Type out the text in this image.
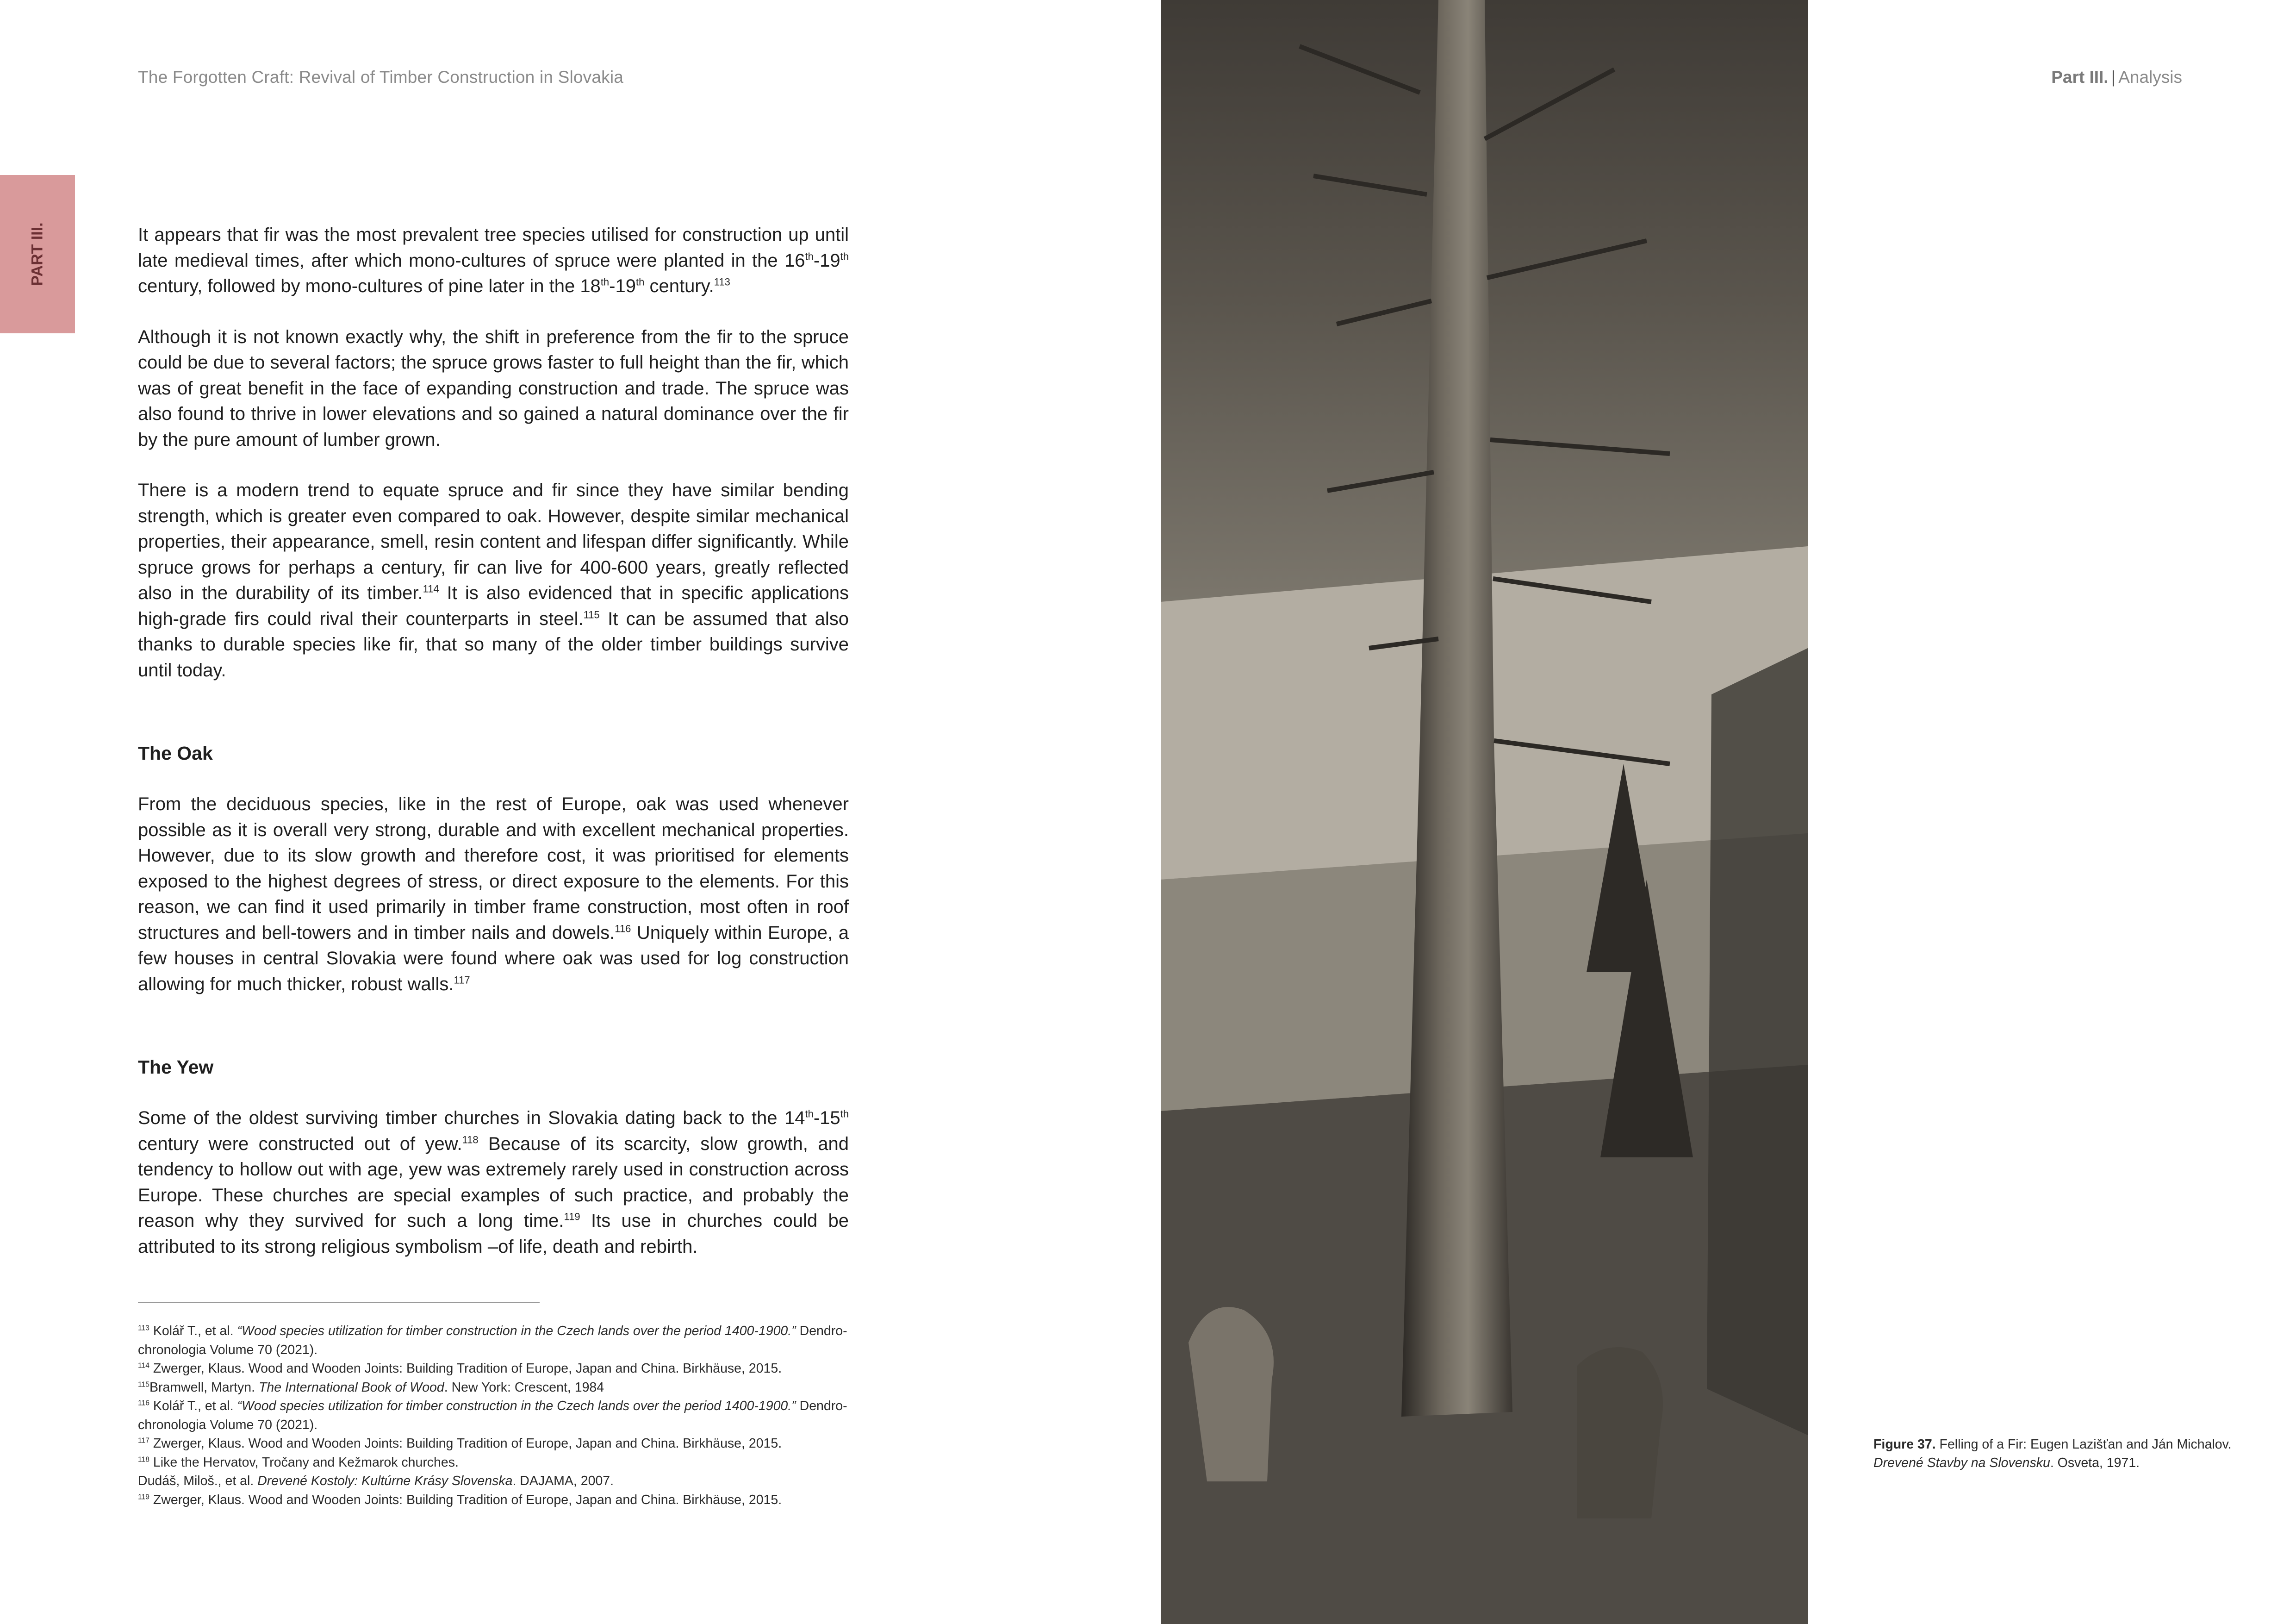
The Forgotten Craft: Revival of Timber Construction in Slovakia	Part III. | Analysis
PART III.	It appears that fir was the most prevalent tree species utilised for construction up until late medieval times, after which mono-cultures of spruce were planted in the 16th-19th century, followed by mono-cultures of pine later in the 18th-19th century.$^{113}$

Although it is not known exactly why, the shift in preference from the fir to the spruce could be due to several factors; the spruce grows faster to full height than the fir, which was of great benefit in the face of expanding construction and trade. The spruce was also found to thrive in lower elevations and so gained a natural dominance over the fir by the pure amount of lumber grown.

There is a modern trend to equate spruce and fir since they have similar bending strength, which is greater even compared to oak. However, despite similar mechanical properties, their appearance, smell, resin content and lifespan differ significantly. While spruce grows for perhaps a century, fir can live for 400-600 years, greatly reflected also in the durability of its timber.$^{114}$ It is also evidenced that in specific applications high-grade firs could rival their counterparts in steel.$^{115}$ It can be assumed that also thanks to durable species like fir, that so many of the older timber buildings survive until today.

The Oak

From the deciduous species, like in the rest of Europe, oak was used whenever possible as it is overall very strong, durable and with excellent mechanical properties. However, due to its slow growth and therefore cost, it was prioritised for elements exposed to the highest degrees of stress, or direct exposure to the elements. For this reason, we can find it used primarily in timber frame construction, most often in roof structures and bell-towers and in timber nails and dowels.$^{116}$ Uniquely within Europe, a few houses in central Slovakia were found where oak was used for log construction allowing for much thicker, robust walls.$^{117}$

The Yew

Some of the oldest surviving timber churches in Slovakia dating back to the 14th-15th century were constructed out of yew.$^{118}$ Because of its scarcity, slow growth, and tendency to hollow out with age, yew was extremely rarely used in construction across Europe. These churches are special examples of such practice, and probably the reason why they survived for such a long time.$^{119}$ Its use in churches could be attributed to its strong religious symbolism –of life, death and rebirth.

$^{113}$ Kolář T., et al. “Wood species utilization for timber construction in the Czech lands over the period 1400-1900.” Dendro-chronologia Volume 70 (2021).

$^{114}$ Zwerger, Klaus. Wood and Wooden Joints: Building Tradition of Europe, Japan and China. Birkhäuse, 2015.

$^{115}$Bramwell, Martyn. The International Book of Wood. New York: Crescent, 1984

$^{116}$ Kolář T., et al. “Wood species utilization for timber construction in the Czech lands over the period 1400-1900.” Dendro-chronologia Volume 70 (2021).

$^{117}$ Zwerger, Klaus. Wood and Wooden Joints: Building Tradition of Europe, Japan and China. Birkhäuse, 2015.

$^{118}$ Like the Hervatov, Tročany and Kežmarok churches.

Dudáš, Miloš., et al. Drevené Kostoly: Kultúrne Krásy Slovenska. DAJAMA, 2007.

$^{119}$ Zwerger, Klaus. Wood and Wooden Joints: Building Tradition of Europe, Japan and China. Birkhäuse, 2015.

Figure 37. Felling of a Fir: Eugen Lazišťan and Ján Michalov. Drevené Stavby na Slovensku. Osveta, 1971.
